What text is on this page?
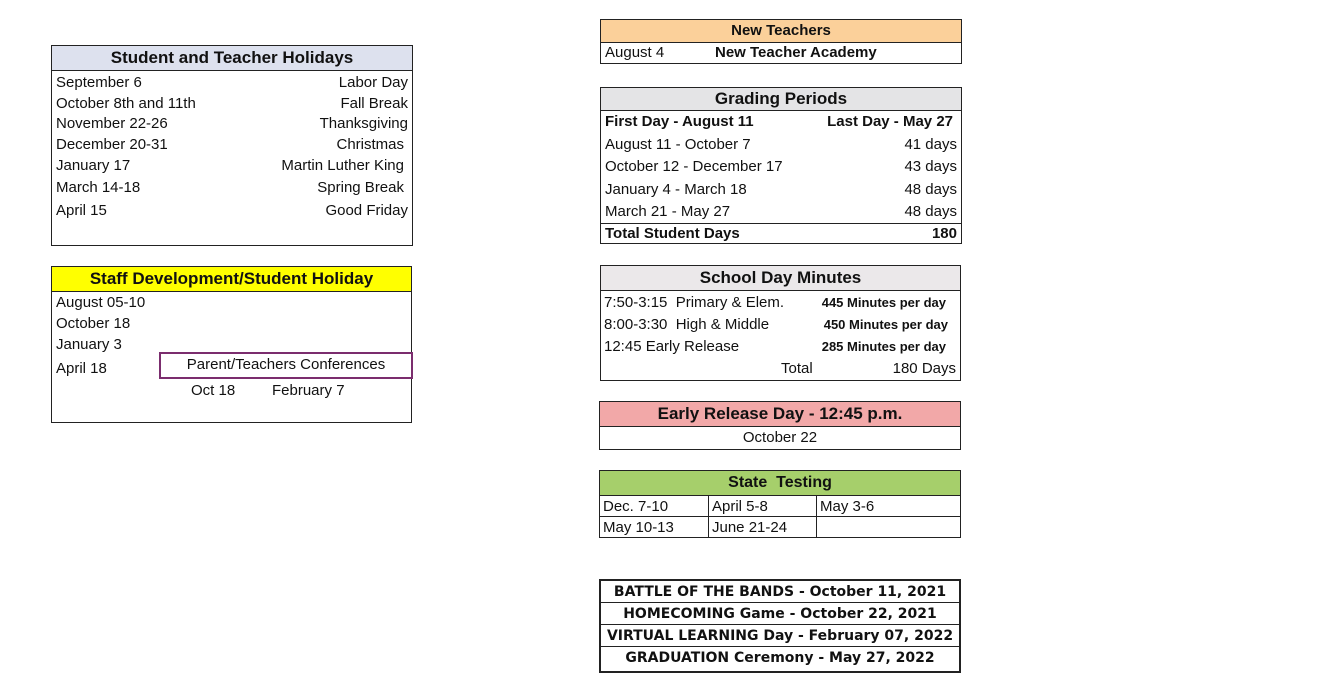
Student and Teacher Holidays
September 6	Labor Day
October 8th and 11th	Fall Break
November 22-26	Thanksgiving
December 20-31	Christmas
January 17	Martin Luther King
March 14-18	Spring Break
April 15	Good Friday
Staff Development/Student Holiday
August 05-10
October 18
January 3
April 18	Parent/Teachers Conferences
Oct 18 February 7
New Teachers
August 4	New Teacher Academy
Grading Periods
First Day - August 11	Last Day - May 27
August 11 - October 7	41 days
October 12 - December 17	43 days
January 4 - March 18	48 days
March 21 - May 27	48 days
Total Student Days	180
School Day Minutes
7:50-3:15  Primary & Elem.	445 Minutes per day
8:00-3:30  High & Middle	450 Minutes per day
12:45 Early Release	285 Minutes per day
Total	180 Days
Early Release Day - 12:45 p.m.
October 22
State  Testing
Dec. 7-10	April 5-8	May 3-6
May 10-13	June 21-24
BATTLE OF THE BANDS - October 11, 2021
HOMECOMING Game - October 22, 2021
VIRTUAL LEARNING Day - February 07, 2022
GRADUATION Ceremony - May 27, 2022
